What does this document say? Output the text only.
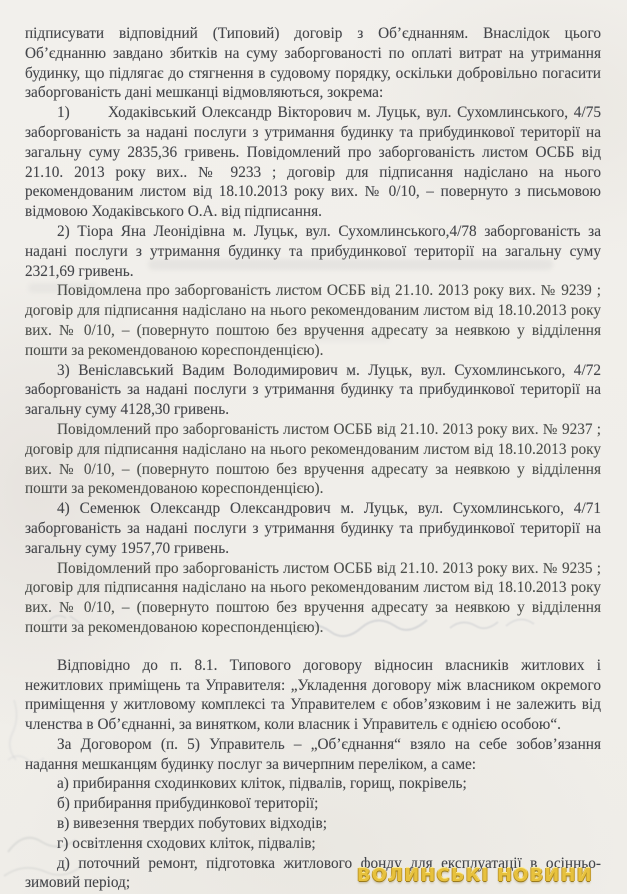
підписувати відповідний (Типовий) договір з Об’єднанням. Внаслідок цього Об’єднанню завдано збитків на суму заборгованості по оплаті витрат на утримання будинку, що підлягає до стягнення в судовому порядку, оскільки добровільно погасити заборгованість дані мешканці відмовляються, зокрема:

1)   Ходаківський Олександр Вікторович м. Луцьк, вул. Сухомлинського, 4/75 заборгованість за надані послуги з утримання будинку та прибудинкової території на загальну суму 2835,36 гривень. Повідомлений про заборгованість листом ОСББ від 21.10. 2013 року вих.. № 9233 ; договір для підписання надіслано на нього рекомендованим листом від 18.10.2013 року вих. № 0/10, – повернуто з письмовою відмовою Ходаківського О.А. від підписання.

2) Тіора Яна Леонідівна м. Луцьк, вул. Сухомлинського,4/78 заборгованість за надані послуги з утримання будинку та прибудинкової території на загальну суму 2321,69 гривень.

Повідомлена про заборгованість листом ОСББ від 21.10. 2013 року вих. № 9239 ; договір для підписання надіслано на нього рекомендованим листом від 18.10.2013 року вих. № 0/10, – (повернуто поштою без вручення адресату за неявкою у відділення пошти за рекомендованою кореспонденцією).

3) Веніславський Вадим Володимирович м. Луцьк, вул. Сухомлинського, 4/72 заборгованість за надані послуги з утримання будинку та прибудинкової території на загальну суму 4128,30 гривень.

Повідомлений про заборгованість листом ОСББ від 21.10. 2013 року вих. № 9237 ; договір для підписання надіслано на нього рекомендованим листом від 18.10.2013 року вих. № 0/10, – (повернуто поштою без вручення адресату за неявкою у відділення пошти за рекомендованою кореспонденцією).

4) Семенюк Олександр Олександрович м. Луцьк, вул. Сухомлинського, 4/71 заборгованість за надані послуги з утримання будинку та прибудинкової території на загальну суму 1957,70 гривень.

Повідомлений про заборгованість листом ОСББ від 21.10. 2013 року вих. № 9235 ; договір для підписання надіслано на нього рекомендованим листом від 18.10.2013 року вих. № 0/10, – (повернуто поштою без вручення адресату за неявкою у відділення пошти за рекомендованою кореспонденцією).

Відповідно до п. 8.1. Типового договору відносин власників житлових і нежитлових приміщень та Управителя: „Укладення договору між власником окремого приміщення у житловому комплексі та Управителем є обов’язковим і не залежить від членства в Об’єднанні, за винятком, коли власник і Управитель є однією особою“.

За Договором (п. 5) Управитель – „Об’єднання“ взяло на себе зобов’язання надання мешканцям будинку послуг за вичерпним переліком, а саме:

а) прибирання сходинкових кліток, підвалів, горищ, покрівель;

б) прибирання прибудинкової території;

в) вивезення твердих побутових відходів;

г) освітлення сходових кліток, підвалів;

д) поточний ремонт, підготовка житлового фонду для експлуатації в осінньо-зимовий період;	ВОЛИНСЬКІ НОВИНИ
